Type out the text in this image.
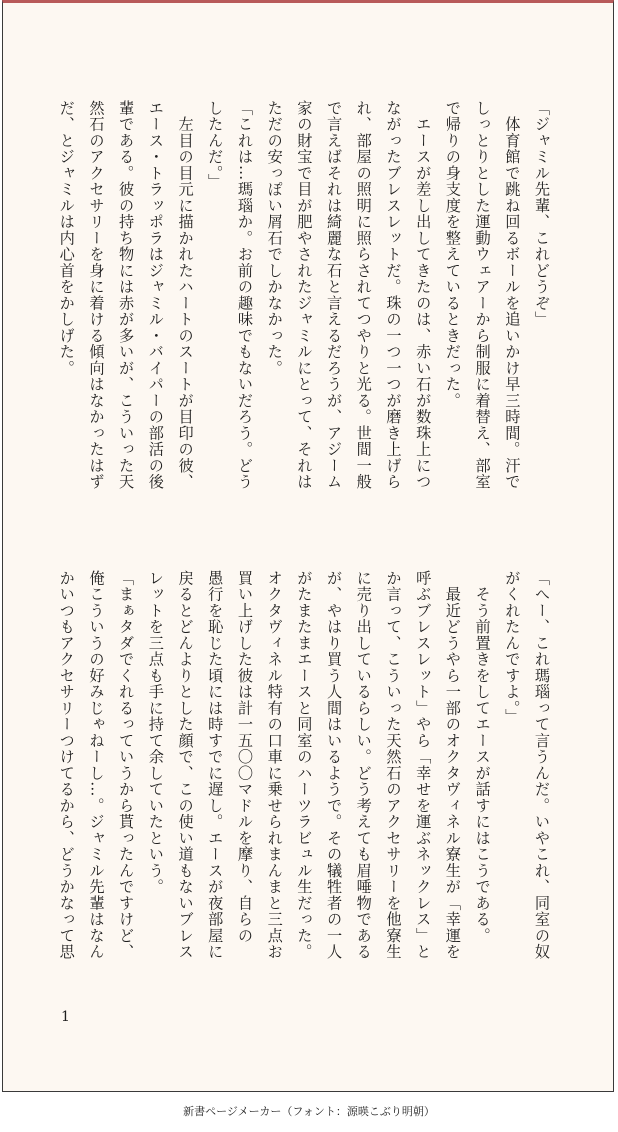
「ジャミル先輩、これどうぞ」
　体育館で跳ね回るボールを追いかけ早三時間。汗で
しっとりとした運動ウェアーから制服に着替え、部室
で帰りの身支度を整えているときだった。
　エースが差し出してきたのは、赤い石が数珠上につ
ながったブレスレットだ。珠の一つ一つが磨き上げら
れ、部屋の照明に照らされてつやりと光る。世間一般
で言えばそれは綺麗な石と言えるだろうが、アジーム
家の財宝で目が肥やされたジャミルにとって、それは
ただの安っぽい屑石でしかなかった。
「これは…瑪瑙か。お前の趣味でもないだろう。どう
したんだ。」
　左目の目元に描かれたハートのスートが目印の彼、
エース・トラッポラはジャミル・バイパーの部活の後
輩である。彼の持ち物には赤が多いが、こういった天
然石のアクセサリーを身に着ける傾向はなかったはず
だ、とジャミルは内心首をかしげた。
「へー、これ瑪瑙って言うんだ。いやこれ、同室の奴
がくれたんですよ。」
　そう前置きをしてエースが話すにはこうである。
　最近どうやら一部のオクタヴィネル寮生が「幸運を
呼ぶブレスレット」やら「幸せを運ぶネックレス」と
か言って、こういった天然石のアクセサリーを他寮生
に売り出しているらしい。どう考えても眉唾物である
が、やはり買う人間はいるようで。その犠牲者の一人
がたまたまエースと同室のハーツラビュル生だった。
オクタヴィネル特有の口車に乗せられまんまと三点お
買い上げした彼は計一五〇〇マドルを摩り、自らの
愚行を恥じた頃には時すでに遅し。エースが夜部屋に
戻るとどんよりとした顔で、この使い道もないブレス
レットを三点も手に持て余していたという。
「まぁタダでくれるっていうから貰ったんですけど、
俺こういうの好みじゃねーし…。ジャミル先輩はなん
かいつもアクセサリーつけてるから、どうかなって思
1
新書ページメーカー（フォント：源暎こぶり明朝）
